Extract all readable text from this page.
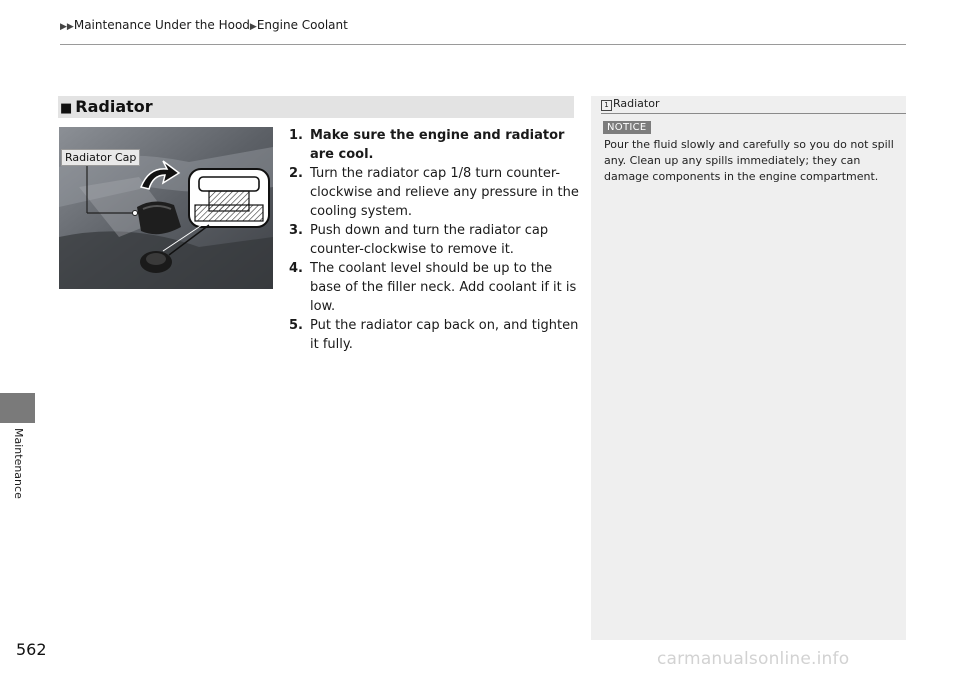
▶▶Maintenance Under the Hood▶Engine Coolant
Maintenance
■ Radiator
Radiator Cap
1. Make sure the engine and radiator are cool.
2. Turn the radiator cap 1/8 turn counter-clockwise and relieve any pressure in the cooling system.
3. Push down and turn the radiator cap counter-clockwise to remove it.
4. The coolant level should be up to the base of the filler neck. Add coolant if it is low.
5. Put the radiator cap back on, and tighten it fully.
1 Radiator
NOTICE
Pour the fluid slowly and carefully so you do not spill any. Clean up any spills immediately; they can damage components in the engine compartment.
562	carmanualsonline.info
